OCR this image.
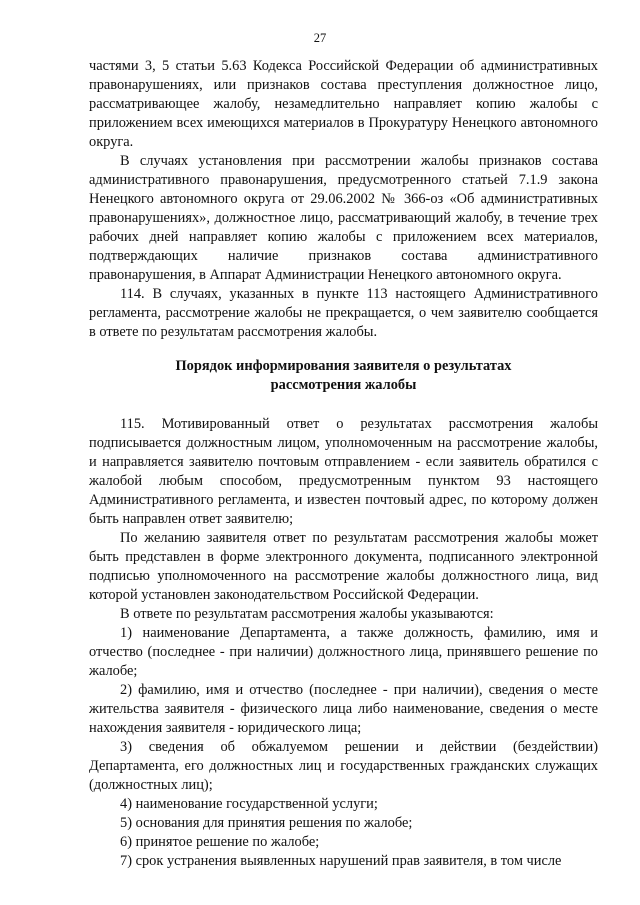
27

частями 3, 5 статьи 5.63 Кодекса Российской Федерации об административных правонарушениях, или признаков состава преступления должностное лицо, рассматривающее жалобу, незамедлительно направляет копию жалобы с приложением всех имеющихся материалов в Прокуратуру Ненецкого автономного округа.

В случаях установления при рассмотрении жалобы признаков состава административного правонарушения, предусмотренного статьей 7.1.9 закона Ненецкого автономного округа от 29.06.2002 № 366-оз «Об административных правонарушениях», должностное лицо, рассматривающий жалобу, в течение трех рабочих дней направляет копию жалобы с приложением всех материалов, подтверждающих наличие признаков состава административного правонарушения, в Аппарат Администрации Ненецкого автономного округа.

114. В случаях, указанных в пункте 113 настоящего Административного регламента, рассмотрение жалобы не прекращается, о чем заявителю сообщается в ответе по результатам рассмотрения жалобы.

Порядок информирования заявителя о результатах
рассмотрения жалобы

115. Мотивированный ответ о результатах рассмотрения жалобы подписывается должностным лицом, уполномоченным на рассмотрение жалобы, и направляется заявителю почтовым отправлением - если заявитель обратился с жалобой любым способом, предусмотренным пунктом 93 настоящего Административного регламента, и известен почтовый адрес, по которому должен быть направлен ответ заявителю;

По желанию заявителя ответ по результатам рассмотрения жалобы может быть представлен в форме электронного документа, подписанного электронной подписью уполномоченного на рассмотрение жалобы должностного лица, вид которой установлен законодательством Российской Федерации.

В ответе по результатам рассмотрения жалобы указываются:

1) наименование Департамента, а также должность, фамилию, имя и отчество (последнее - при наличии) должностного лица, принявшего решение по жалобе;

2) фамилию, имя и отчество (последнее - при наличии), сведения о месте жительства заявителя - физического лица либо наименование, сведения о месте нахождения заявителя - юридического лица;

3) сведения об обжалуемом решении и действии (бездействии) Департамента, его должностных лиц и государственных гражданских служащих (должностных лиц);

4) наименование государственной услуги;

5) основания для принятия решения по жалобе;

6) принятое решение по жалобе;

7) срок устранения выявленных нарушений прав заявителя, в том числе
